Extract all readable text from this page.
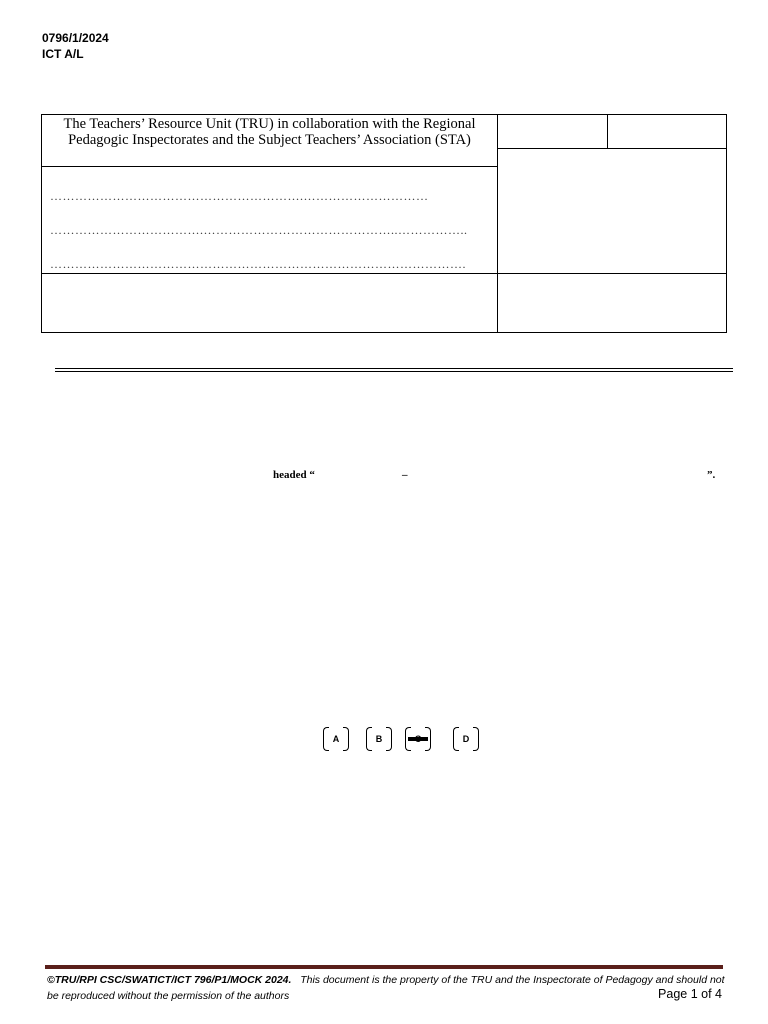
0796/1/2024
ICT A/L
The Teachers’ Resource Unit (TRU) in collaboration with the Regional Pedagogic Inspectorates and the Subject Teachers’ Association (STA)
…………………………………………………….…………………………
……………………………….………………………………………..……………..
……………………………………………………………………………………….
headed “	–	”.
A	B	D
©TRU/RPI CSC/SWATICT/ICT 796/P1/MOCK 2024. This document is the property of the TRU and the Inspectorate of Pedagogy and should not be reproduced without the permission of the authors	Page 1 of 4
